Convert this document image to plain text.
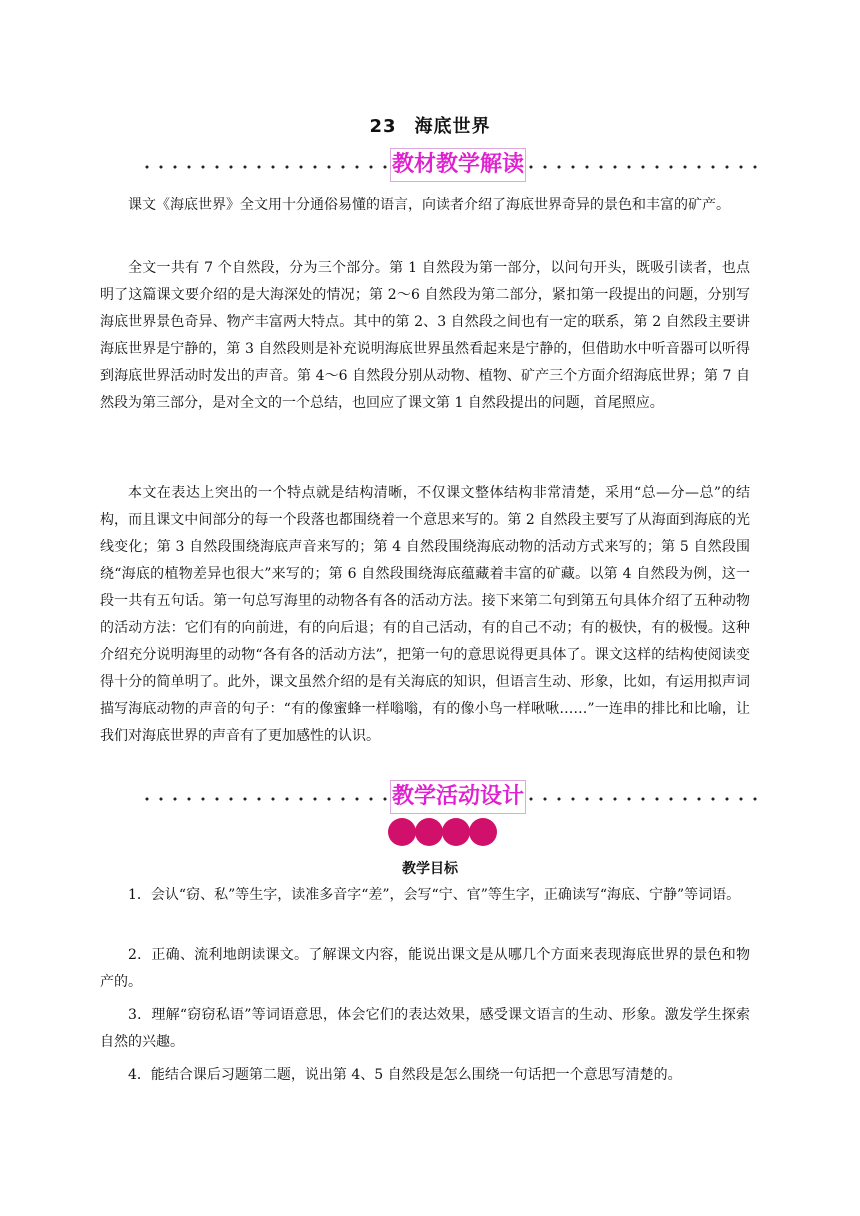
23 海底世界
教材教学解读

课文《海底世界》全文用十分通俗易懂的语言，向读者介绍了海底世界奇异的景色和丰富的矿产。

全文一共有 7 个自然段，分为三个部分。第 1 自然段为第一部分，以问句开头，既吸引读者，也点明了这篇课文要介绍的是大海深处的情况；第 2～6 自然段为第二部分，紧扣第一段提出的问题，分别写海底世界景色奇异、物产丰富两大特点。其中的第 2、3 自然段之间也有一定的联系，第 2 自然段主要讲海底世界是宁静的，第 3 自然段则是补充说明海底世界虽然看起来是宁静的，但借助水中听音器可以听得到海底世界活动时发出的声音。第 4～6 自然段分别从动物、植物、矿产三个方面介绍海底世界；第 7 自然段为第三部分，是对全文的一个总结，也回应了课文第 1 自然段提出的问题，首尾照应。

本文在表达上突出的一个特点就是结构清晰，不仅课文整体结构非常清楚，采用“总—分—总”的结构，而且课文中间部分的每一个段落也都围绕着一个意思来写的。第 2 自然段主要写了从海面到海底的光线变化；第 3 自然段围绕海底声音来写的；第 4 自然段围绕海底动物的活动方式来写的；第 5 自然段围绕“海底的植物差异也很大”来写的；第 6 自然段围绕海底蕴藏着丰富的矿藏。以第 4 自然段为例，这一段一共有五句话。第一句总写海里的动物各有各的活动方法。接下来第二句到第五句具体介绍了五种动物的活动方法：它们有的向前进，有的向后退；有的自己活动，有的自己不动；有的极快，有的极慢。这种介绍充分说明海里的动物“各有各的活动方法”，把第一句的意思说得更具体了。课文这样的结构使阅读变得十分的简单明了。此外，课文虽然介绍的是有关海底的知识，但语言生动、形象，比如，有运用拟声词描写海底动物的声音的句子：“有的像蜜蜂一样嗡嗡，有的像小鸟一样啾啾……”一连串的排比和比喻，让我们对海底世界的声音有了更加感性的认识。

教学活动设计
教学目标

1．会认“窃、私”等生字，读准多音字“差”，会写“宁、官”等生字，正确读写“海底、宁静”等词语。

2．正确、流利地朗读课文。了解课文内容，能说出课文是从哪几个方面来表现海底世界的景色和物产的。

3．理解“窃窃私语”等词语意思，体会它们的表达效果，感受课文语言的生动、形象。激发学生探索自然的兴趣。

4．能结合课后习题第二题，说出第 4、5 自然段是怎么围绕一句话把一个意思写清楚的。
